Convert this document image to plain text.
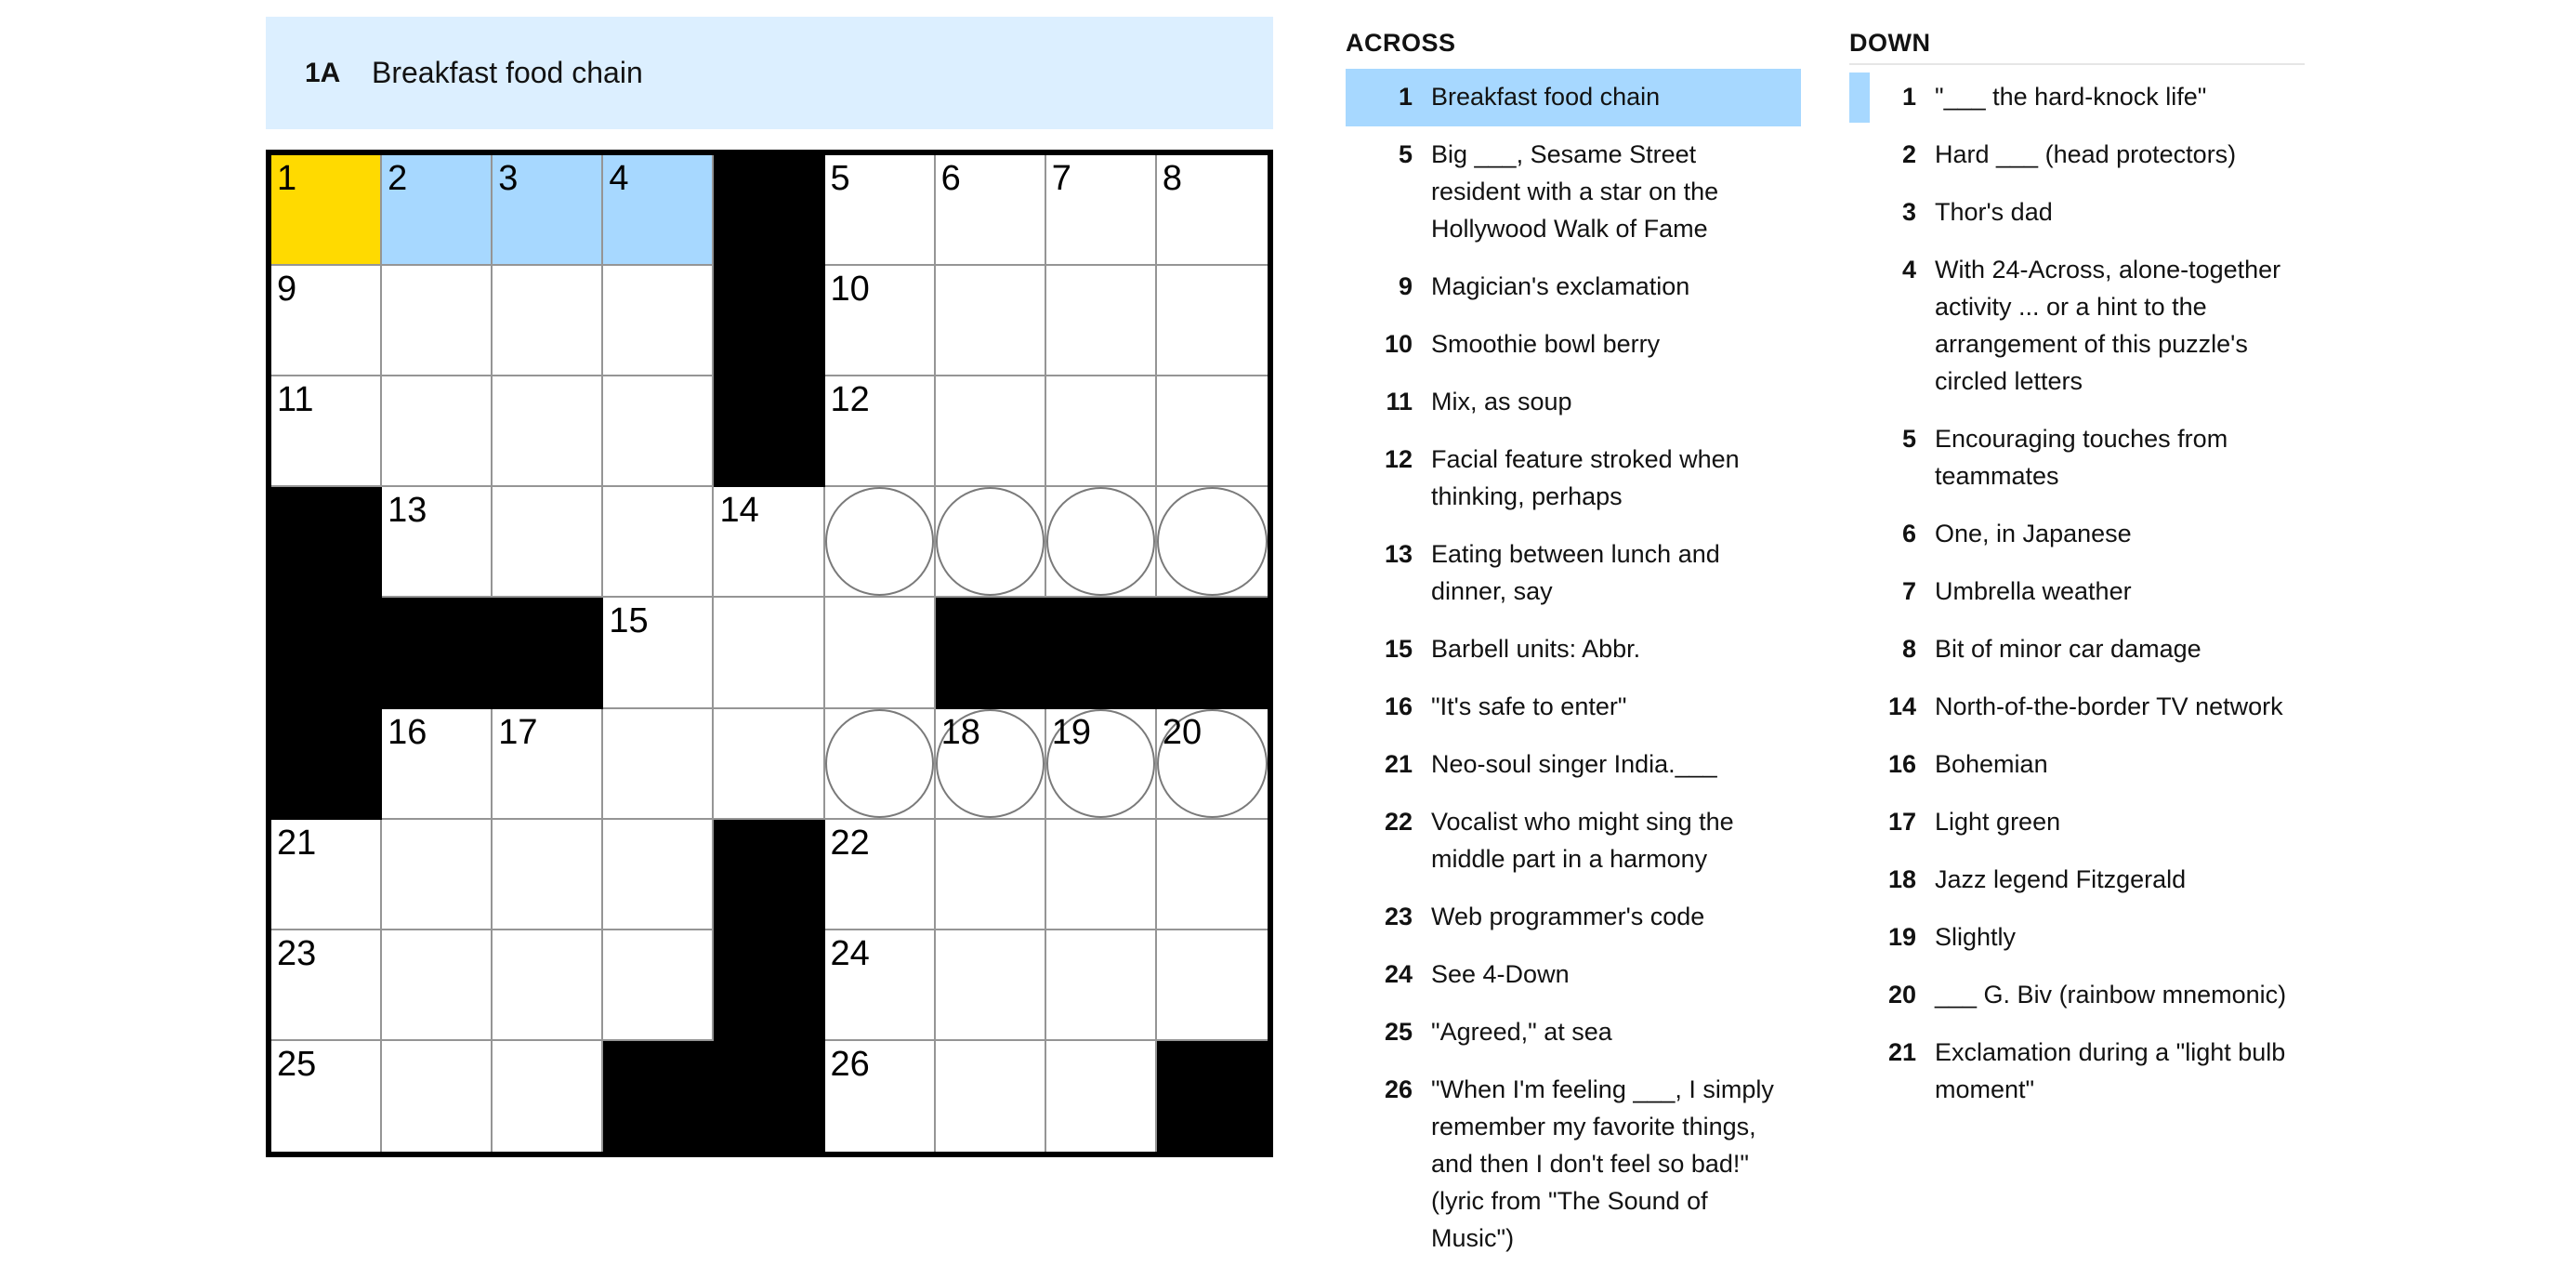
1A	Breakfast food chain
1	2	3	4	5	6	7	8
9	10
11	12
13	14
15
16 17	18 19 20
21	22
23	24
25	26
ACROSS
1 Breakfast food chain
5 Big ___, Sesame Street resident with a star on the Hollywood Walk of Fame
9 Magician's exclamation
10 Smoothie bowl berry
11 Mix, as soup
12 Facial feature stroked when thinking, perhaps
13 Eating between lunch and dinner, say
15 Barbell units: Abbr.
16 "It's safe to enter"
21 Neo-soul singer India.___
22 Vocalist who might sing the middle part in a harmony
23 Web programmer's code
24 See 4-Down
25 "Agreed," at sea
26 "When I'm feeling ___, I simply remember my favorite things, and then I don't feel so bad!" (lyric from "The Sound of Music")
DOWN
1 "___ the hard-knock life"
2 Hard ___ (head protectors)
3 Thor's dad
4 With 24-Across, alone-together activity ... or a hint to the arrangement of this puzzle's circled letters
5 Encouraging touches from teammates
6 One, in Japanese
7 Umbrella weather
8 Bit of minor car damage
14 North-of-the-border TV network
16 Bohemian
17 Light green
18 Jazz legend Fitzgerald
19 Slightly
20 ___ G. Biv (rainbow mnemonic)
21 Exclamation during a "light bulb moment"
